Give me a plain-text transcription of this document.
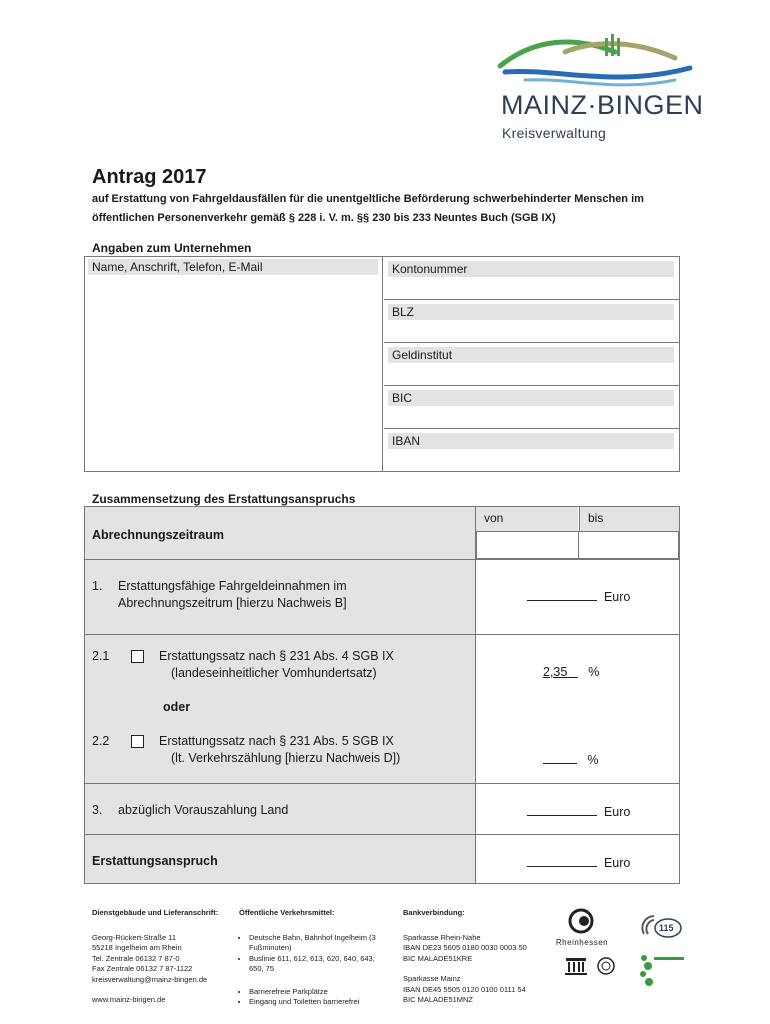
MAINZ·BINGEN
Kreisverwaltung
Antrag 2017
auf Erstattung von Fahrgeldausfällen für die unentgeltliche Beförderung schwerbehinderter Menschen im öffentlichen Personenverkehr gemäß § 228 i. V. m. §§ 230 bis 233 Neuntes Buch (SGB IX)
Angaben zum Unternehmen
Name, Anschrift, Telefon, E-Mail	Kontonummer
BLZ
Geldinstitut
BIC
IBAN
Zusammensetzung des Erstattungsanspruchs
von	bis
Abrechnungszeitraum
1. Erstattungsfähige Fahrgeldeinnahmen im
Abrechnungszeitrum [hierzu Nachweis B]	Euro
2.1	Erstattungssatz nach § 231 Abs. 4 SGB IX
(landeseinheitlicher Vomhundertsatz)	2,35 %
oder
2.2	Erstattungssatz nach § 231 Abs. 5 SGB IX
(lt. Verkehrszählung [hierzu Nachweis D])	%
3. abzüglich Vorauszahlung Land	Euro
Erstattungsanspruch	Euro
Dienstgebäude und Lieferanschrift:
Georg-Rückert-Straße 11
55218 Ingelheim am Rhein
Tel. Zentrale 06132 7 87-0
Fax Zentrale 06132 7 87-1122
kreisverwaltung@mainz-bingen.de
www.mainz-bingen.de
Öffentliche Verkehrsmittel:
• Deutsche Bahn, Bahnhof Ingelheim (3 Fußminuten)
• Buslinie 611, 612, 613, 620, 640, 643, 650, 75
• Barrierefreie Parkplätze
• Eingang und Toiletten barrierefrei
Bankverbindung:
Sparkasse Rhein-Nahe
IBAN DE23 5605 0180 0030 0003 50
BIC MALADE51KRE
Sparkasse Mainz
IBAN DE45 5505 0120 0100 0111 54
BIC MALADE51MNZ
Rheinhessen
115
